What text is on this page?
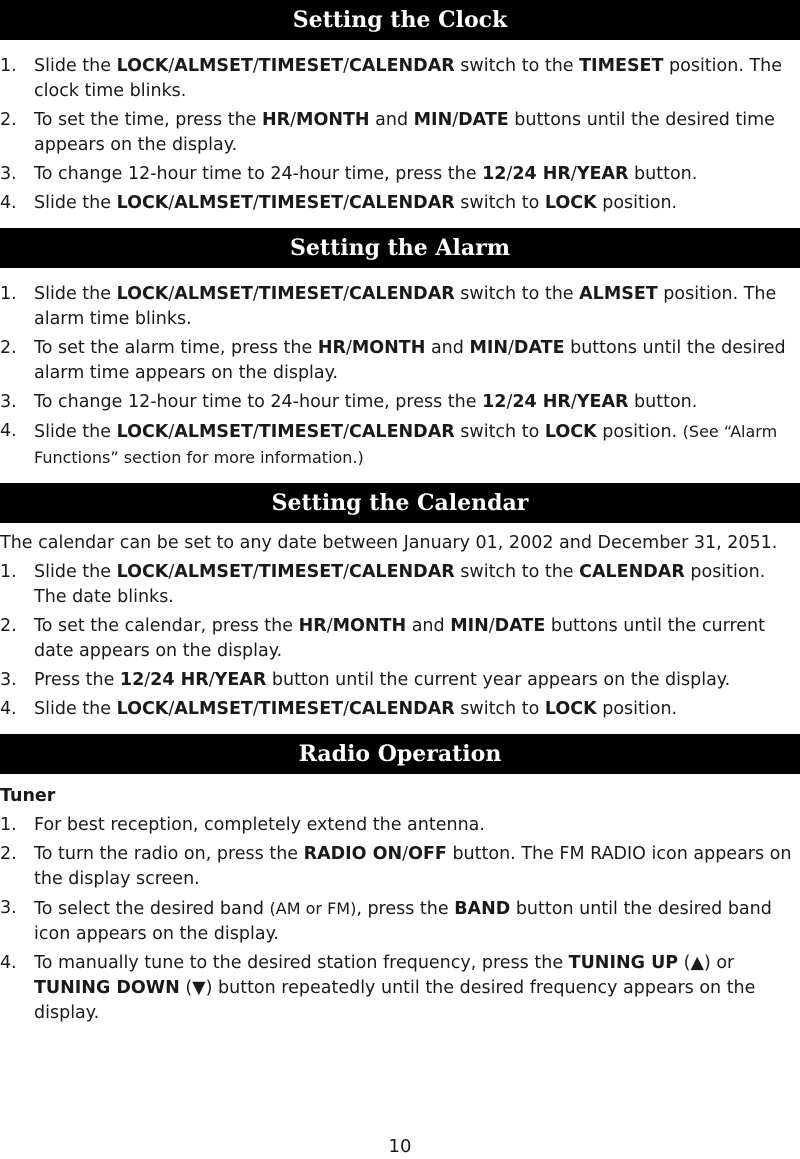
Setting the Clock
1. Slide the LOCK/ALMSET/TIMESET/CALENDAR switch to the TIMESET position. The clock time blinks.
2. To set the time, press the HR/MONTH and MIN/DATE buttons until the desired time appears on the display.
3. To change 12-hour time to 24-hour time, press the 12/24 HR/YEAR button.
4. Slide the LOCK/ALMSET/TIMESET/CALENDAR switch to LOCK position.
Setting the Alarm
1. Slide the LOCK/ALMSET/TIMESET/CALENDAR switch to the ALMSET position. The alarm time blinks.
2. To set the alarm time, press the HR/MONTH and MIN/DATE buttons until the desired alarm time appears on the display.
3. To change 12-hour time to 24-hour time, press the 12/24 HR/YEAR button.
4. Slide the LOCK/ALMSET/TIMESET/CALENDAR switch to LOCK position. (See “Alarm Functions” section for more information.)
Setting the Calendar

The calendar can be set to any date between January 01, 2002 and December 31, 2051.

1. Slide the LOCK/ALMSET/TIMESET/CALENDAR switch to the CALENDAR position. The date blinks.
2. To set the calendar, press the HR/MONTH and MIN/DATE buttons until the current date appears on the display.
3. Press the 12/24 HR/YEAR button until the current year appears on the display.
4. Slide the LOCK/ALMSET/TIMESET/CALENDAR switch to LOCK position.
Radio Operation
Tuner
1. For best reception, completely extend the antenna.
2. To turn the radio on, press the RADIO ON/OFF button. The FM RADIO icon appears on the display screen.
3. To select the desired band (AM or FM), press the BAND button until the desired band icon appears on the display.
4. To manually tune to the desired station frequency, press the TUNING UP (▲) or TUNING DOWN (▼) button repeatedly until the desired frequency appears on the display.
10
